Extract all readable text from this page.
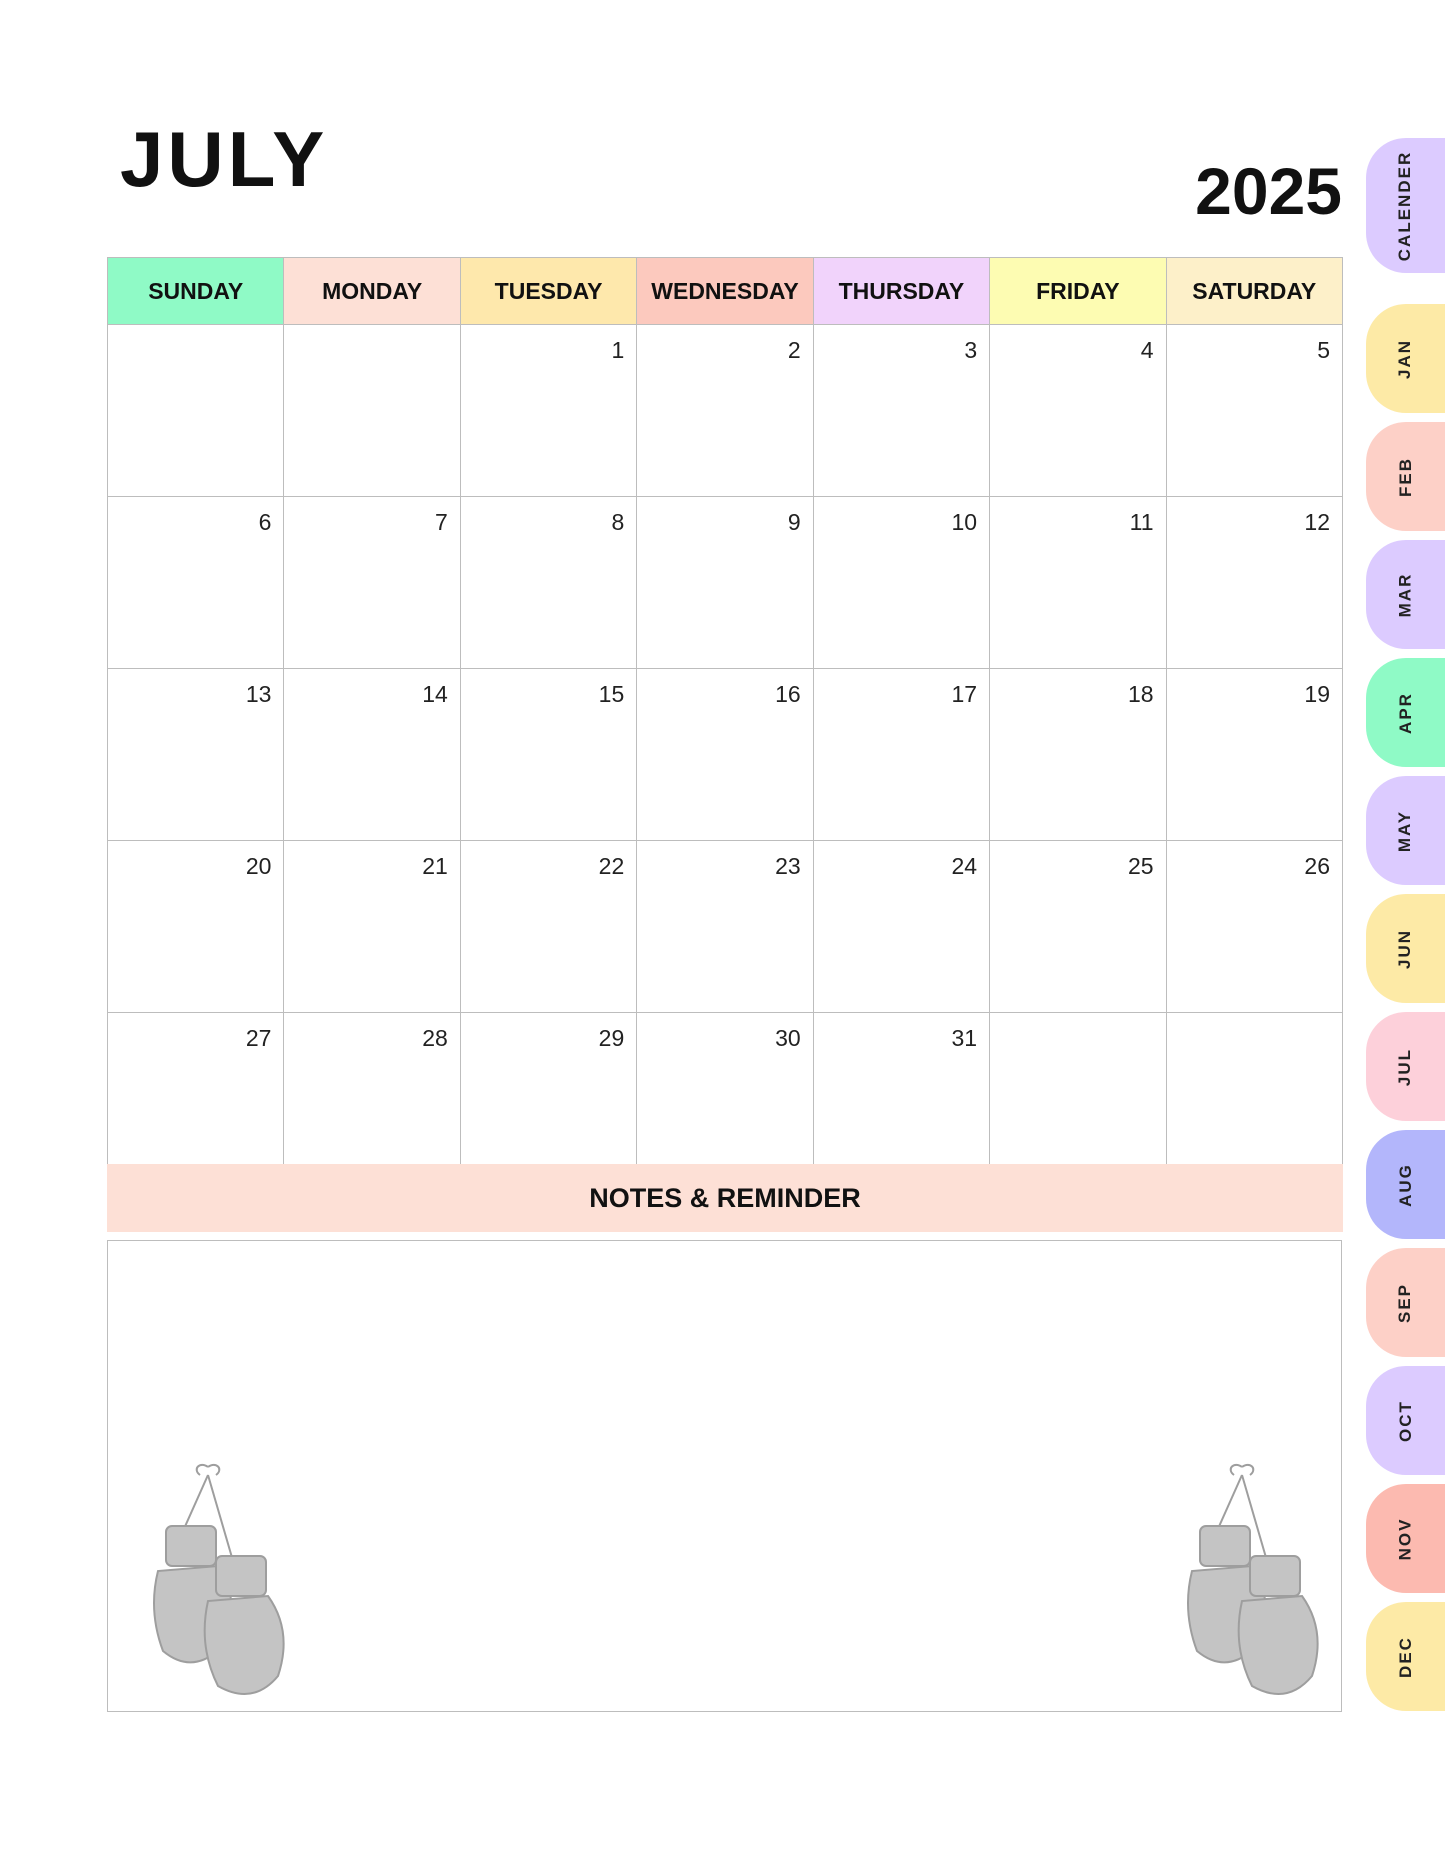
JULY	2025
SUNDAY	MONDAY	TUESDAY	WEDNESDAY	THURSDAY	FRIDAY	SATURDAY
		1	2	3	4	5
6	7	8	9	10	11	12
13	14	15	16	17	18	19
20	21	22	23	24	25	26
27	28	29	30	31		
NOTES & REMINDER
CALENDER
JAN
FEB
MAR
APR
MAY
JUN
JUL
AUG
SEP
OCT
NOV
DEC
